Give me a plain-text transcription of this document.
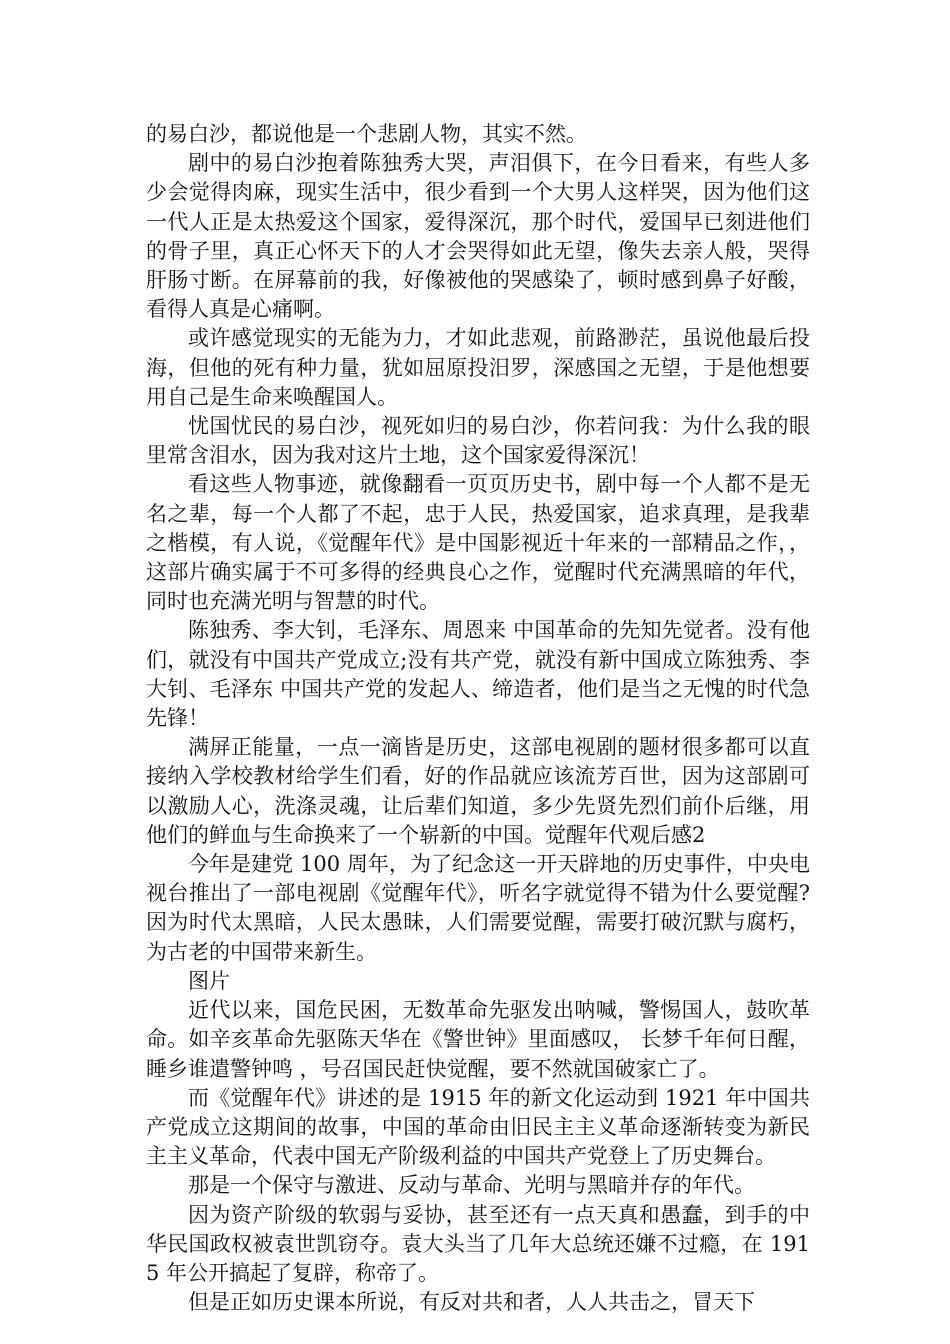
的易白沙，都说他是一个悲剧人物，其实不然。

剧中的易白沙抱着陈独秀大哭，声泪俱下，在今日看来，有些人多少会觉得肉麻，现实生活中，很少看到一个大男人这样哭，因为他们这一代人正是太热爱这个国家，爱得深沉，那个时代，爱国早已刻进他们的骨子里，真正心怀天下的人才会哭得如此无望，像失去亲人般，哭得肝肠寸断。在屏幕前的我，好像被他的哭感染了，顿时感到鼻子好酸，看得人真是心痛啊。

或许感觉现实的无能为力，才如此悲观，前路渺茫，虽说他最后投海，但他的死有种力量，犹如屈原投汨罗，深感国之无望，于是他想要用自己是生命来唤醒国人。

忧国忧民的易白沙，视死如归的易白沙，你若问我：为什么我的眼里常含泪水，因为我对这片土地，这个国家爱得深沉！

看这些人物事迹，就像翻看一页页历史书，剧中每一个人都不是无名之辈，每一个人都了不起，忠于人民，热爱国家，追求真理，是我辈之楷模，有人说，《觉醒年代》是中国影视近十年来的一部精品之作，，这部片确实属于不可多得的经典良心之作，觉醒时代充满黑暗的年代，同时也充满光明与智慧的时代。

陈独秀、李大钊，毛泽东、周恩来 中国革命的先知先觉者。没有他们，就没有中国共产党成立;没有共产党，就没有新中国成立陈独秀、李大钊、毛泽东 中国共产党的发起人、缔造者，他们是当之无愧的时代急先锋！

满屏正能量，一点一滴皆是历史，这部电视剧的题材很多都可以直接纳入学校教材给学生们看，好的作品就应该流芳百世，因为这部剧可以激励人心，洗涤灵魂，让后辈们知道，多少先贤先烈们前仆后继，用他们的鲜血与生命换来了一个崭新的中国。觉醒年代观后感2

今年是建党 100 周年，为了纪念这一开天辟地的历史事件，中央电视台推出了一部电视剧《觉醒年代》，听名字就觉得不错为什么要觉醒?因为时代太黑暗，人民太愚昧，人们需要觉醒，需要打破沉默与腐朽，为古老的中国带来新生。

图片

近代以来，国危民困，无数革命先驱发出呐喊，警惕国人，鼓吹革命。如辛亥革命先驱陈天华在《警世钟》里面感叹， 长梦千年何日醒，睡乡谁遣警钟鸣 ，号召国民赶快觉醒，要不然就国破家亡了。

而《觉醒年代》讲述的是 1915 年的新文化运动到 1921 年中国共产党成立这期间的故事，中国的革命由旧民主主义革命逐渐转变为新民主主义革命，代表中国无产阶级利益的中国共产党登上了历史舞台。

那是一个保守与激进、反动与革命、光明与黑暗并存的年代。

因为资产阶级的软弱与妥协，甚至还有一点天真和愚蠢，到手的中华民国政权被袁世凯窃夺。袁大头当了几年大总统还嫌不过瘾，在 1915 年公开搞起了复辟，称帝了。

但是正如历史课本所说，有反对共和者，人人共击之，冒天下
